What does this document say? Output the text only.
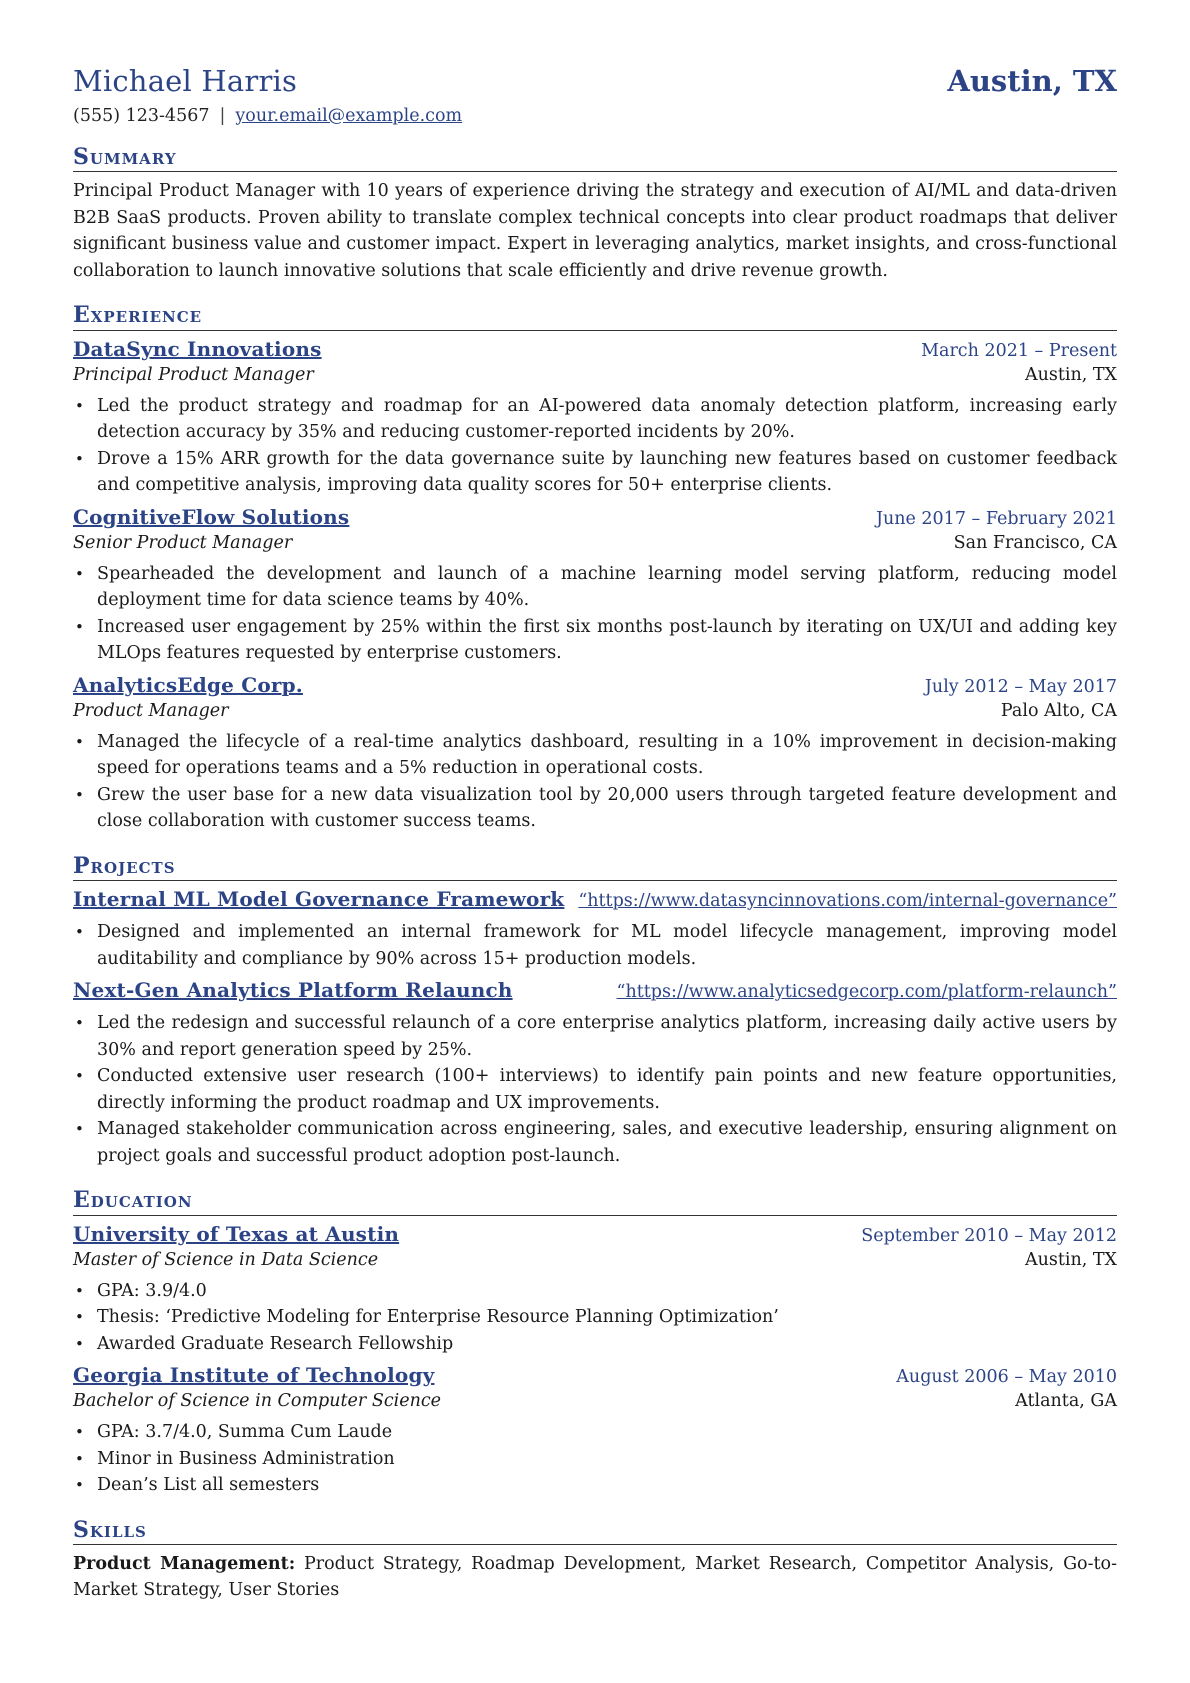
Michael Harris	Austin, TX
(555) 123-4567 | your.email@example.com
Summary
Principal Product Manager with 10 years of experience driving the strategy and execution of AI/ML and data-driven B2B SaaS products. Proven ability to translate complex technical concepts into clear product roadmaps that deliver significant business value and customer impact. Expert in leveraging analytics, market insights, and cross-functional collaboration to launch innovative solutions that scale efficiently and drive revenue growth.
Experience
DataSync Innovations	March 2021 – Present
Principal Product Manager	Austin, TX
• Led the product strategy and roadmap for an AI-powered data anomaly detection platform, increasing early detection accuracy by 35% and reducing customer-reported incidents by 20%.
• Drove a 15% ARR growth for the data governance suite by launching new features based on customer feedback and competitive analysis, improving data quality scores for 50+ enterprise clients.
CognitiveFlow Solutions	June 2017 – February 2021
Senior Product Manager	San Francisco, CA
• Spearheaded the development and launch of a machine learning model serving platform, reducing model deployment time for data science teams by 40%.
• Increased user engagement by 25% within the first six months post-launch by iterating on UX/UI and adding key MLOps features requested by enterprise customers.
AnalyticsEdge Corp.	July 2012 – May 2017
Product Manager	Palo Alto, CA
• Managed the lifecycle of a real-time analytics dashboard, resulting in a 10% improvement in decision-making speed for operations teams and a 5% reduction in operational costs.
• Grew the user base for a new data visualization tool by 20,000 users through targeted feature development and close collaboration with customer success teams.
Projects
Internal ML Model Governance Framework “https://www.datasyncinnovations.com/internal-governance”
• Designed and implemented an internal framework for ML model lifecycle management, improving model auditability and compliance by 90% across 15+ production models.
Next-Gen Analytics Platform Relaunch	“https://www.analyticsedgecorp.com/platform-relaunch”
• Led the redesign and successful relaunch of a core enterprise analytics platform, increasing daily active users by 30% and report generation speed by 25%.
• Conducted extensive user research (100+ interviews) to identify pain points and new feature opportunities, directly informing the product roadmap and UX improvements.
• Managed stakeholder communication across engineering, sales, and executive leadership, ensuring alignment on project goals and successful product adoption post-launch.
Education
University of Texas at Austin	September 2010 – May 2012
Master of Science in Data Science	Austin, TX
• GPA: 3.9/4.0
• Thesis: ‘Predictive Modeling for Enterprise Resource Planning Optimization’
• Awarded Graduate Research Fellowship
Georgia Institute of Technology	August 2006 – May 2010
Bachelor of Science in Computer Science	Atlanta, GA
• GPA: 3.7/4.0, Summa Cum Laude
• Minor in Business Administration
• Dean’s List all semesters
Skills
Product Management: Product Strategy, Roadmap Development, Market Research, Competitor Analysis, Go-to-Market Strategy, User Stories
